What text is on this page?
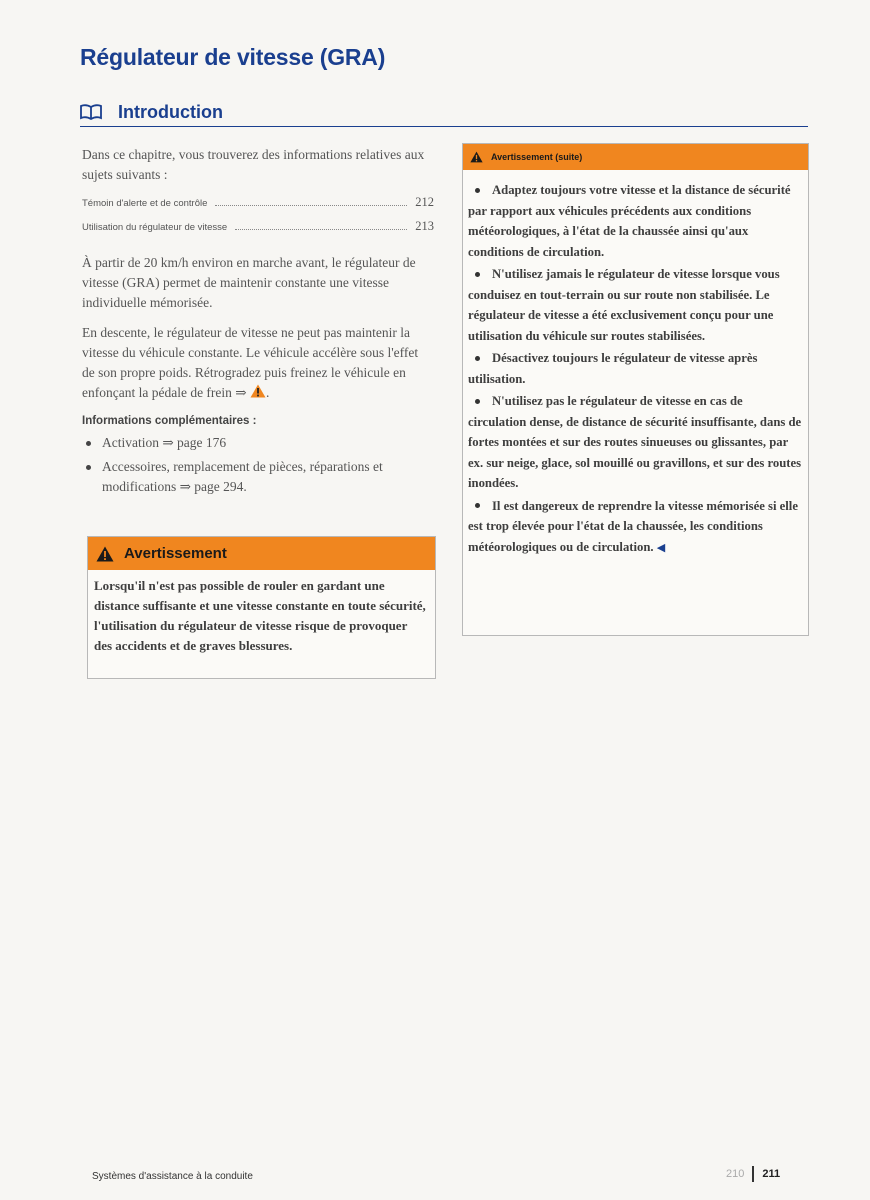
Régulateur de vitesse (GRA)
Introduction

Dans ce chapitre, vous trouverez des informations relatives aux sujets suivants :

Témoin d'alerte et de contrôle	212
Utilisation du régulateur de vitesse	213

À partir de 20 km/h environ en marche avant, le régulateur de vitesse (GRA) permet de maintenir constante une vitesse individuelle mémorisée.

En descente, le régulateur de vitesse ne peut pas maintenir la vitesse du véhicule constante. Le véhicule accélère sous l'effet de son propre poids. Rétrogradez puis freinez le véhicule en enfonçant la pédale de frein ⇒ .

Informations complémentaires :
Activation ⇒ page 176
Accessoires, remplacement de pièces, réparations et modifications ⇒ page 294.
Avertissement
Lorsqu'il n'est pas possible de rouler en gardant une distance suffisante et une vitesse constante en toute sécurité, l'utilisation du régulateur de vitesse risque de provoquer des accidents et de graves blessures.
Avertissement (suite)
Adaptez toujours votre vitesse et la distance de sécurité par rapport aux véhicules précédents aux conditions météorologiques, à l'état de la chaussée ainsi qu'aux conditions de circulation.
N'utilisez jamais le régulateur de vitesse lorsque vous conduisez en tout-terrain ou sur route non stabilisée. Le régulateur de vitesse a été exclusivement conçu pour une utilisation du véhicule sur routes stabilisées.
Désactivez toujours le régulateur de vitesse après utilisation.
N'utilisez pas le régulateur de vitesse en cas de circulation dense, de distance de sécurité insuffisante, dans de fortes montées et sur des routes sinueuses ou glissantes, par ex. sur neige, glace, sol mouillé ou gravillons, et sur des routes inondées.
Il est dangereux de reprendre la vitesse mémorisée si elle est trop élevée pour l'état de la chaussée, les conditions météorologiques ou de circulation. ◀
Systèmes d'assistance à la conduite	210 211
